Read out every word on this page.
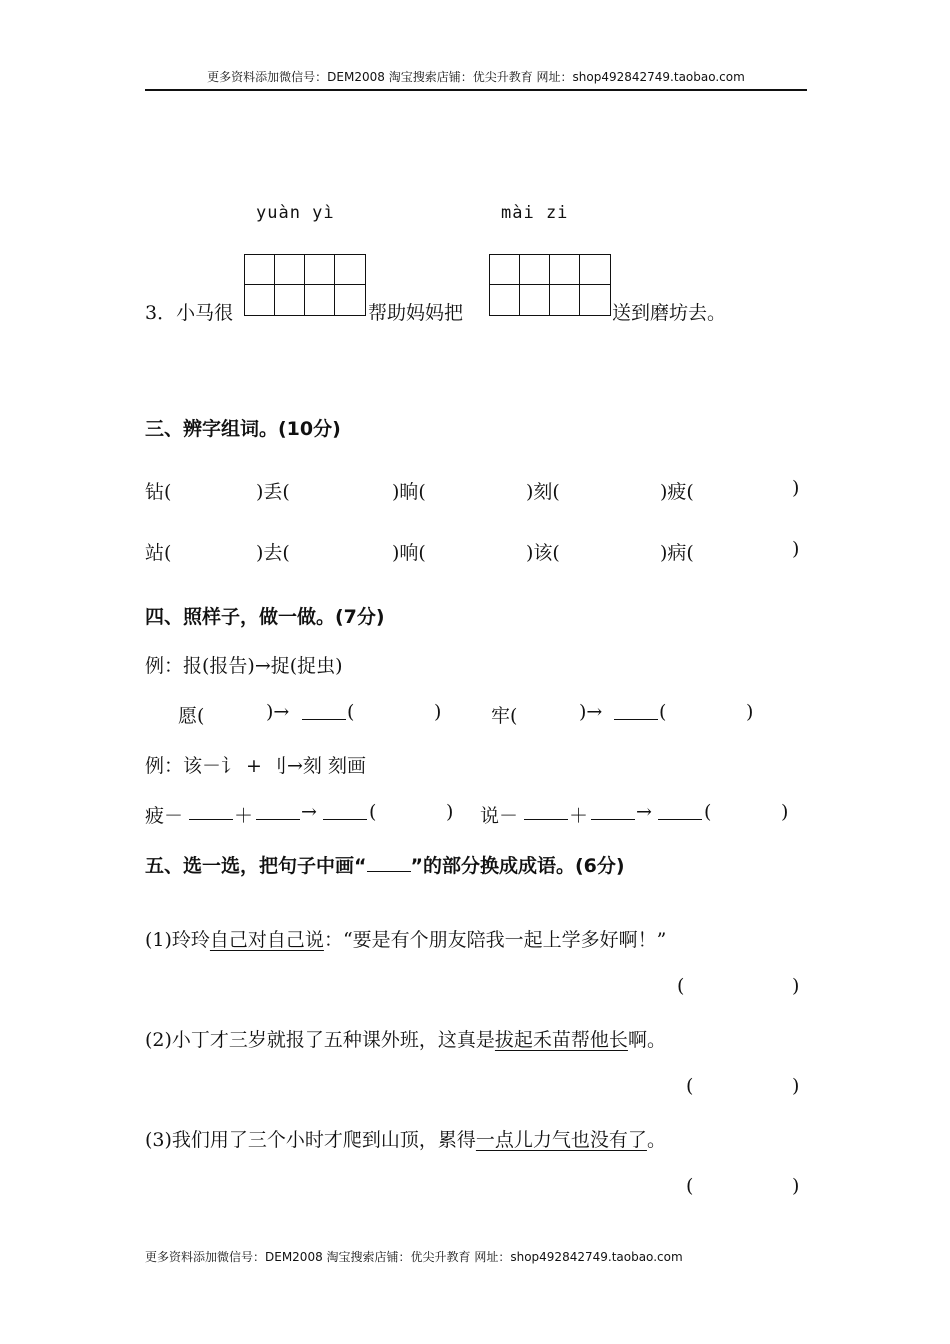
更多资料添加微信号：DEM2008 淘宝搜索店铺：优尖升教育 网址：shop492842749.taobao.com
yuàn yì	mài zi
3．小马很	帮助妈妈把	送到磨坊去。
三、辨字组词。(10分)
钻(	)丢(	)晌(	)刻(	)疲(	)
站(	)去(	)响(	)该(	)病(	)
四、照样子，做一做。(7分)
例：报(报告)→捉(捉虫)
愿(	)→	(	)	牢(	)→	(	)
例：该－讠 + 刂→刻 刻画
疲－	＋	→	(	) 说－	＋	→	(	)
五、选一选，把句子中画“ ”的部分换成成语。(6分)
(1)玲玲自己对自己说：“要是有个朋友陪我一起上学多好啊！”
(	)
(2)小丁才三岁就报了五种课外班，这真是拔起禾苗帮他长啊。
(	)
(3)我们用了三个小时才爬到山顶，累得一点儿力气也没有了。
(	)
更多资料添加微信号：DEM2008 淘宝搜索店铺：优尖升教育 网址：shop492842749.taobao.com
